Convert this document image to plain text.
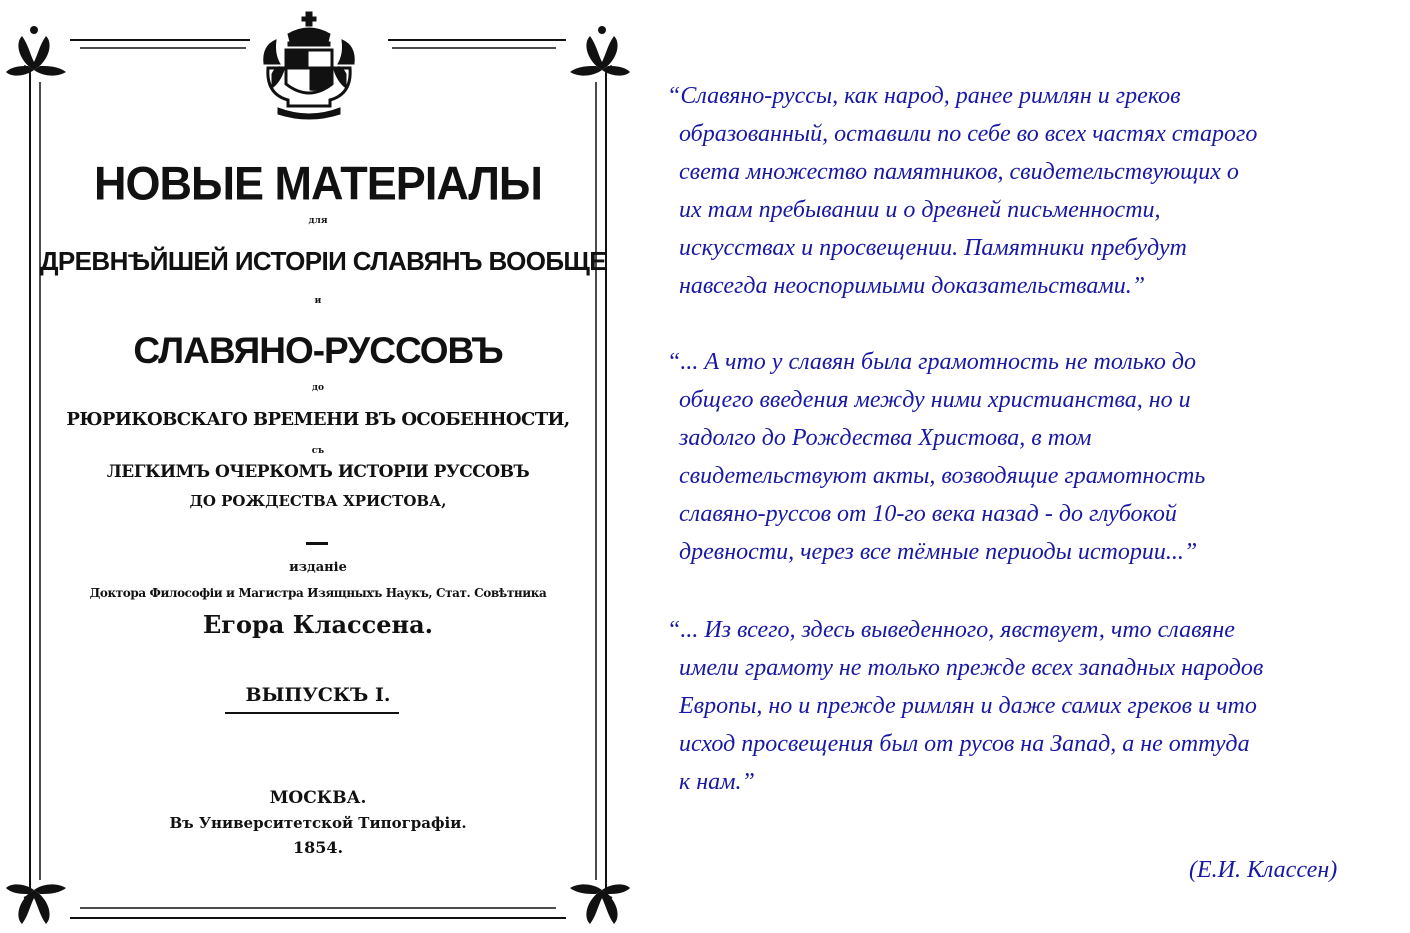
НОВЫЕ МАТЕРІАЛЫ
для
ДРЕВНѢЙШЕЙ ИСТОРІИ СЛАВЯНЪ ВООБЩЕ
и
СЛАВЯНО-РУССОВЪ
до
РЮРИКОВСКАГО ВРЕМЕНИ ВЪ ОСОБЕННОСТИ,
съ
ЛЕГКИМЪ ОЧЕРКОМЪ ИСТОРІИ РУССОВЪ
ДО РОЖДЕСТВА ХРИСТОВА,
изданіе
Доктора Философіи и Магистра Изящныхъ Наукъ, Стат. Совѣтника
Егора Классена.
ВЫПУСКЪ I.
МОСКВА.
Въ Университетской Типографіи.
1854.
“Славяно-руссы, как народ, ранее римлян и греков
образованный, оставили по себе во всех частях старого
света множество памятников, свидетельствующих о
их там пребывании и о древней письменности,
искусствах и просвещении. Памятники пребудут
навсегда неоспоримыми доказательствами.”
“... А что у славян была грамотность не только до
общего введения между ними христианства, но и
задолго до Рождества Христова, в том
свидетельствуют акты, возводящие грамотность
славяно-руссов от 10-го века назад - до глубокой
древности, через все тёмные периоды истории...”
“... Из всего, здесь выведенного, явствует, что славяне
имели грамоту не только прежде всех западных народов
Европы, но и прежде римлян и даже самих греков и что
исход просвещения был от русов на Запад, а не оттуда
к нам.”
(Е.И. Классен)
